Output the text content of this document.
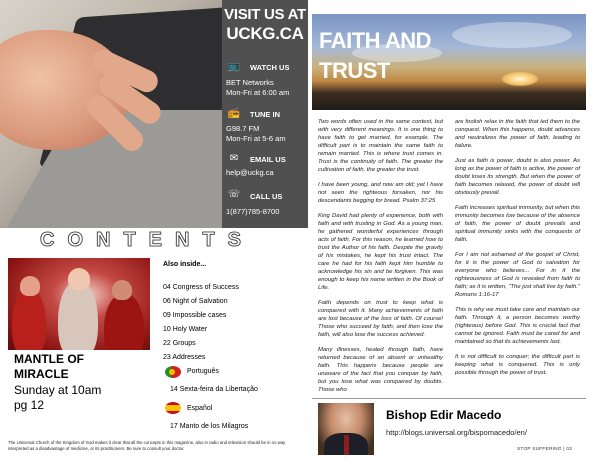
VISIT US AT
UCKG.CA
📺 WATCH US
BET Networks
Mon-Fri at 6:00 am
📻 TUNE IN
G98.7 FM
Mon-Fri at 5-6 am
✉	EMAIL US
help@uckg.ca
☏ CALL US
1(877)785-8700
CONTENTS
MANTLE OF
MIRACLE
Sunday at 10am
pg 12
Also inside...
04 Congress of Success
06 Night of Salvation
09 Impossible cases
10 Holy Water
22 Groups
23 Addresses
Português
14 Sexta-feira da Libertação
Español
17 Manto de los Milagros
The Universal Church of the Kingdom of God makes it clear that all the concepts in this magazine, also in radio and television should be in no way interpreted as a disadvantage of medicine, or its practitioners. Be sure to consult your doctor.
FAITH AND
TRUST

Two words often used in the same context, but with very different meanings. It is one thing to have faith to get married, for example. The difficult part is to maintain the same faith to remain married. This is where trust comes in. Trust is the continuity of faith. The greater the cultivation of faith, the greater the trust.

I have been young, and now am old; yet I have not seen the righteous forsaken, nor his descendants begging for bread. Psalm 37:25

King David had plenty of experience, both with faith and with trusting in God. As a young man, he gathered wonderful experiences through acts of faith. For this reason, he learned how to trust the Author of his faith. Despite the gravity of his mistakes, he kept his trust intact. The care he had for his faith kept him humble to acknowledge his sin and be forgiven. This was enough to keep his name written in the Book of Life.

Faith depends on trust to keep what is conquered with it. Many achievements of faith are lost because of the loss of faith. Of course! Those who succeed by faith, and then lose the faith, will also lose the success achieved.

Many illnesses, healed through faith, have returned because of an absent or unhealthy faith. This happens because people are unaware of the fact that you conquer by faith, but you lose what was conquered by doubts. Those who

are foolish relax in the faith that led them to the conquest. When this happens, doubt advances and neutralizes the power of faith, leading to failure.

Just as faith is power, doubt is also power. As long as the power of faith is active, the power of doubt loses its strength. But when the power of faith becomes relaxed, the power of doubt will obviously prevail.

Faith increases spiritual immunity, but when this immunity becomes low because of the absence of faith, the power of doubt prevails and spiritual immunity sinks with the conquests of faith.

For I am not ashamed of the gospel of Christ, for it is the power of God to salvation for everyone who believes... For in it the righteousness of God is revealed from faith to faith; as it is written, "The just shall live by faith." Romans 1:16-17

This is why we must take care and maintain our faith. Through it, a person becomes worthy (righteous) before God. This is crucial fact that cannot be ignored. Faith must be cared for and maintained so that its achievements last.

It is not difficult to conquer; the difficult part is keeping what is conquered. This is only possible through the power of trust.

Bishop Edir Macedo
http://blogs.universal.org/bispomacedo/en/
STOP SUFFERING | 03
